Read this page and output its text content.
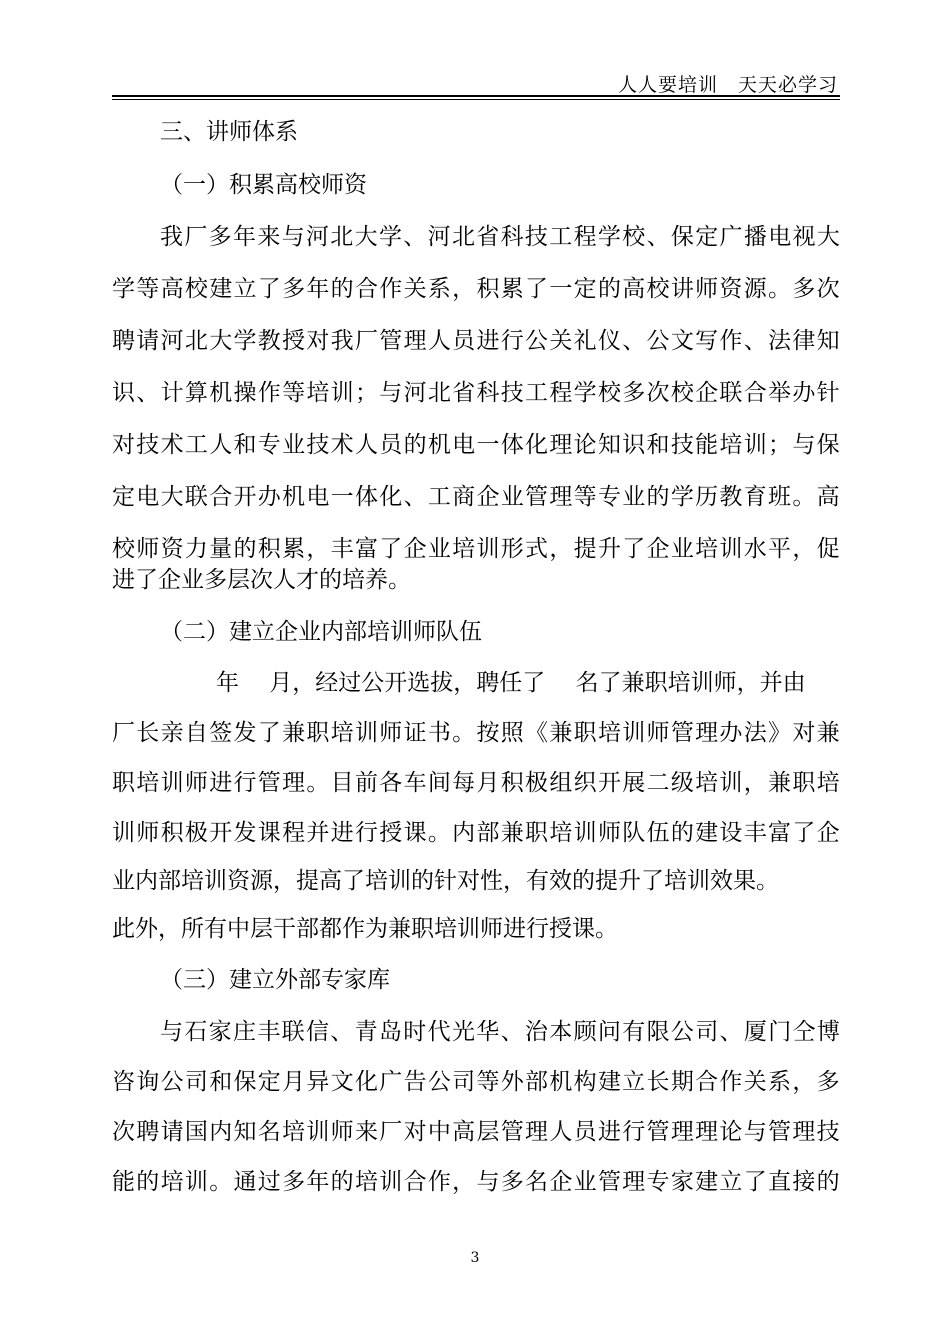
人人要培训　天天必学习
三、讲师体系
（一）积累高校师资
我 厂 多 年 来 与 河 北 大 学 、 河 北 省 科 技 工 程 学 校 、 保 定 广 播 电 视 大
学 等 高 校 建 立 了 多 年 的 合 作 关 系 ， 积 累 了 一 定 的 高 校 讲 师 资 源 。 多 次
聘 请 河 北 大 学 教 授 对 我 厂 管 理 人 员 进 行 公 关 礼 仪 、 公 文 写 作 、 法 律 知
识 、 计 算 机 操 作 等 培 训 ； 与 河 北 省 科 技 工 程 学 校 多 次 校 企 联 合 举 办 针
对 技 术 工 人 和 专 业 技 术 人 员 的 机 电 一 体 化 理 论 知 识 和 技 能 培 训 ； 与 保
定 电 大 联 合 开 办 机 电 一 体 化 、 工 商 企 业 管 理 等 专 业 的 学 历 教 育 班 。 高
校 师 资 力 量 的 积 累 ， 丰 富 了 企 业 培 训 形 式 ， 提 升 了 企 业 培 训 水 平 ， 促
进了企业多层次人才的培养。
（二）建立企业内部培训师队伍
年　 月，经过公开选拔，聘任了　 名了兼职培训师，并由
厂 长 亲 自 签 发 了 兼 职 培 训 师 证 书 。 按 照 《 兼 职 培 训 师 管 理 办 法 》 对 兼
职 培 训 师 进 行 管 理 。 目 前 各 车 间 每 月 积 极 组 织 开 展 二 级 培 训 ， 兼 职 培
训 师 积 极 开 发 课 程 并 进 行 授 课 。 内 部 兼 职 培 训 师 队 伍 的 建 设 丰 富 了 企
业内部培训资源，提高了培训的针对性，有效的提升了培训效果。
此外，所有中层干部都作为兼职培训师进行授课。
（三）建立外部专家库
与 石 家 庄 丰 联 信 、 青 岛 时 代 光 华 、 治 本 顾 问 有 限 公 司 、 厦 门 仝 博
咨 询 公 司 和 保 定 月 异 文 化 广 告 公 司 等 外 部 机 构 建 立 长 期 合 作 关 系 ， 多
次 聘 请 国 内 知 名 培 训 师 来 厂 对 中 高 层 管 理 人 员 进 行 管 理 理 论 与 管 理 技
能 的 培 训 。 通 过 多 年 的 培 训 合 作 ， 与 多 名 企 业 管 理 专 家 建 立 了 直 接 的
3
